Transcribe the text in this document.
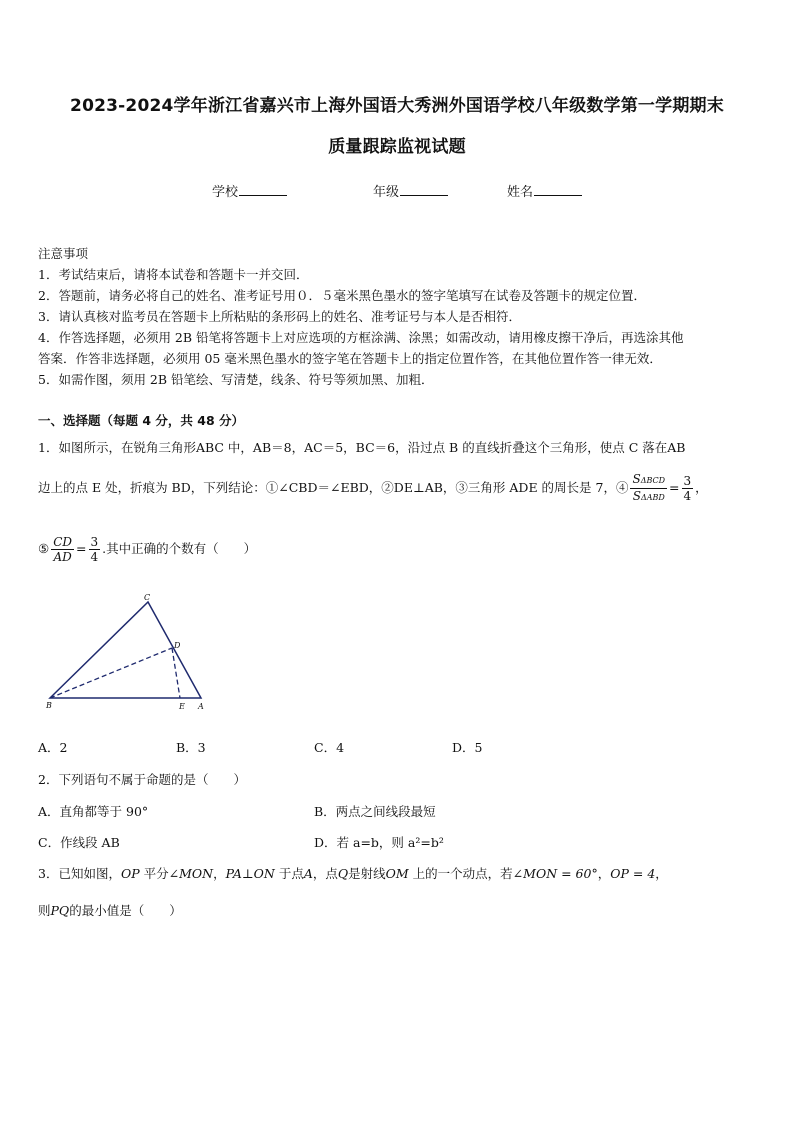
2023-2024学年浙江省嘉兴市上海外国语大秀洲外国语学校八年级数学第一学期期末
质量跟踪监视试题
学校	年级	姓名
注意事项
1．考试结束后，请将本试卷和答题卡一并交回．
2．答题前，请务必将自己的姓名、准考证号用０．５毫米黑色墨水的签字笔填写在试卷及答题卡的规定位置．
3．请认真核对监考员在答题卡上所粘贴的条形码上的姓名、准考证号与本人是否相符．
4．作答选择题，必须用 2B 铅笔将答题卡上对应选项的方框涂满、涂黑；如需改动，请用橡皮擦干净后，再选涂其他
答案．作答非选择题，必须用 05 毫米黑色墨水的签字笔在答题卡上的指定位置作答，在其他位置作答一律无效．
5．如需作图，须用 2B 铅笔绘、写清楚，线条、符号等须加黑、加粗．
一、选择题（每题 4 分，共 48 分）
1．如图所示，在锐角三角形ABC 中，AB＝8，AC＝5，BC＝6，沿过点 B 的直线折叠这个三角形，使点 C 落在AB
边上的点 E 处，折痕为 BD，下列结论：①∠CBD＝∠EBD，②DE⊥AB，③三角形 ADE 的周长是 7，④ $\frac{\text{SΔBCD}}{\text{SΔABD}} = \frac{3}{4}$ ，
⑤ $\frac{CD}{AD} = \frac{3}{4}$ .其中正确的个数有（　　）
C
D
B	E A
A．2	B．3	C．4	D．5
2．下列语句不属于命题的是（　　）
A．直角都等于 90°	B．两点之间线段最短
C．作线段 AB	D．若 a=b，则 a²=b²
3．已知如图，OP 平分∠MON，PA⊥ON 于点A，点Q是射线OM 上的一个动点，若∠MON = 60°，OP = 4，
则PQ的最小值是（　　）
